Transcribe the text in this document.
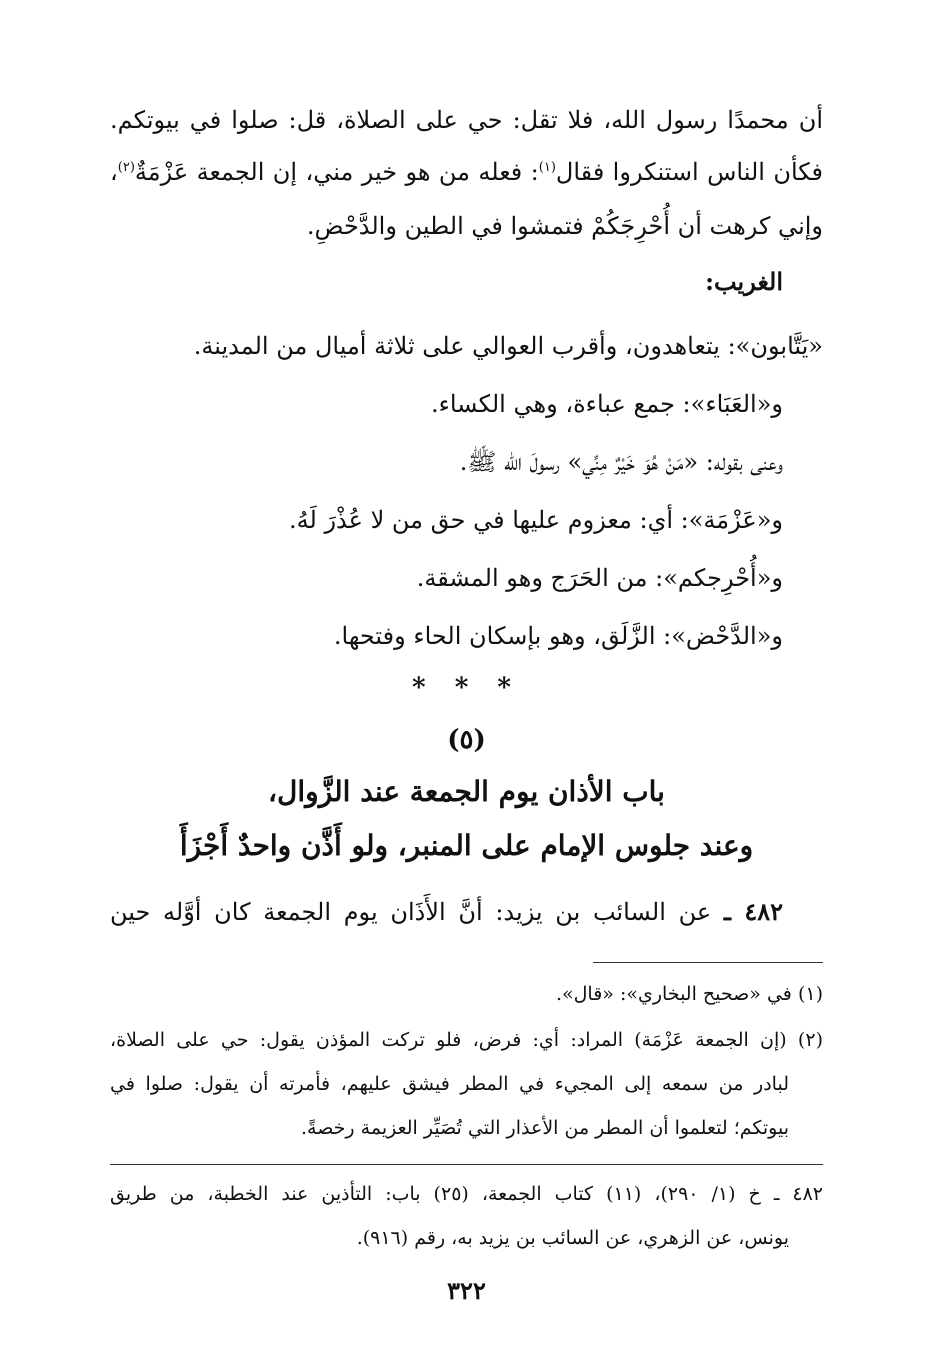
أن محمدًا رسول الله، فلا تقل: حي على الصلاة، قل: صلوا في بيوتكم.
فكأن الناس استنكروا فقال$^{(١)}$: فعله من هو خير مني، إن الجمعة عَزْمَةٌ$^{(٢)}$،
وإني كرهت أن أُحْرِجَكُمْ فتمشوا في الطين والدَّحْضِ.
الغريب:
«يَتَّابون»: يتعاهدون، وأقرب العوالي على ثلاثة أميال من المدينة.
و«العَبَاء»: جمع عباءة، وهي الكساء.
وعنى بقوله: «مَنْ هُوَ خَيْرٌ مِنِّي» رسولَ الله ﷺ.
و«عَزْمَة»: أي: معزوم عليها في حق من لا عُذْرَ لَهُ.
و«أُحْرِجكم»: من الحَرَج وهو المشقة.
و«الدَّحْض»: الزَّلَق، وهو بإسكان الحاء وفتحها.
* * *
(٥)
باب الأذان يوم الجمعة عند الزَّوال،
وعند جلوس الإمام على المنبر، ولو أَذَّن واحدٌ أَجْزَأَ
٤٨٢ ـ عن السائب بن يزيد: أنَّ الأَذَان يوم الجمعة كان أوَّله حين
(١) في «صحيح البخاري»: «قال».
(٢) (إن الجمعة عَزْمَة) المراد: أي: فرض، فلو تركت المؤذن يقول: حي على الصلاة،
لبادر من سمعه إلى المجيء في المطر فيشق عليهم، فأمرته أن يقول: صلوا في
بيوتكم؛ لتعلموا أن المطر من الأعذار التي تُصَيِّر العزيمة رخصةً.
٤٨٢ ـ خ (١/ ٢٩٠)، (١١) كتاب الجمعة، (٢٥) باب: التأذين عند الخطبة، من طريق
يونس، عن الزهري، عن السائب بن يزيد به، رقم (٩١٦).
٣٢٢
